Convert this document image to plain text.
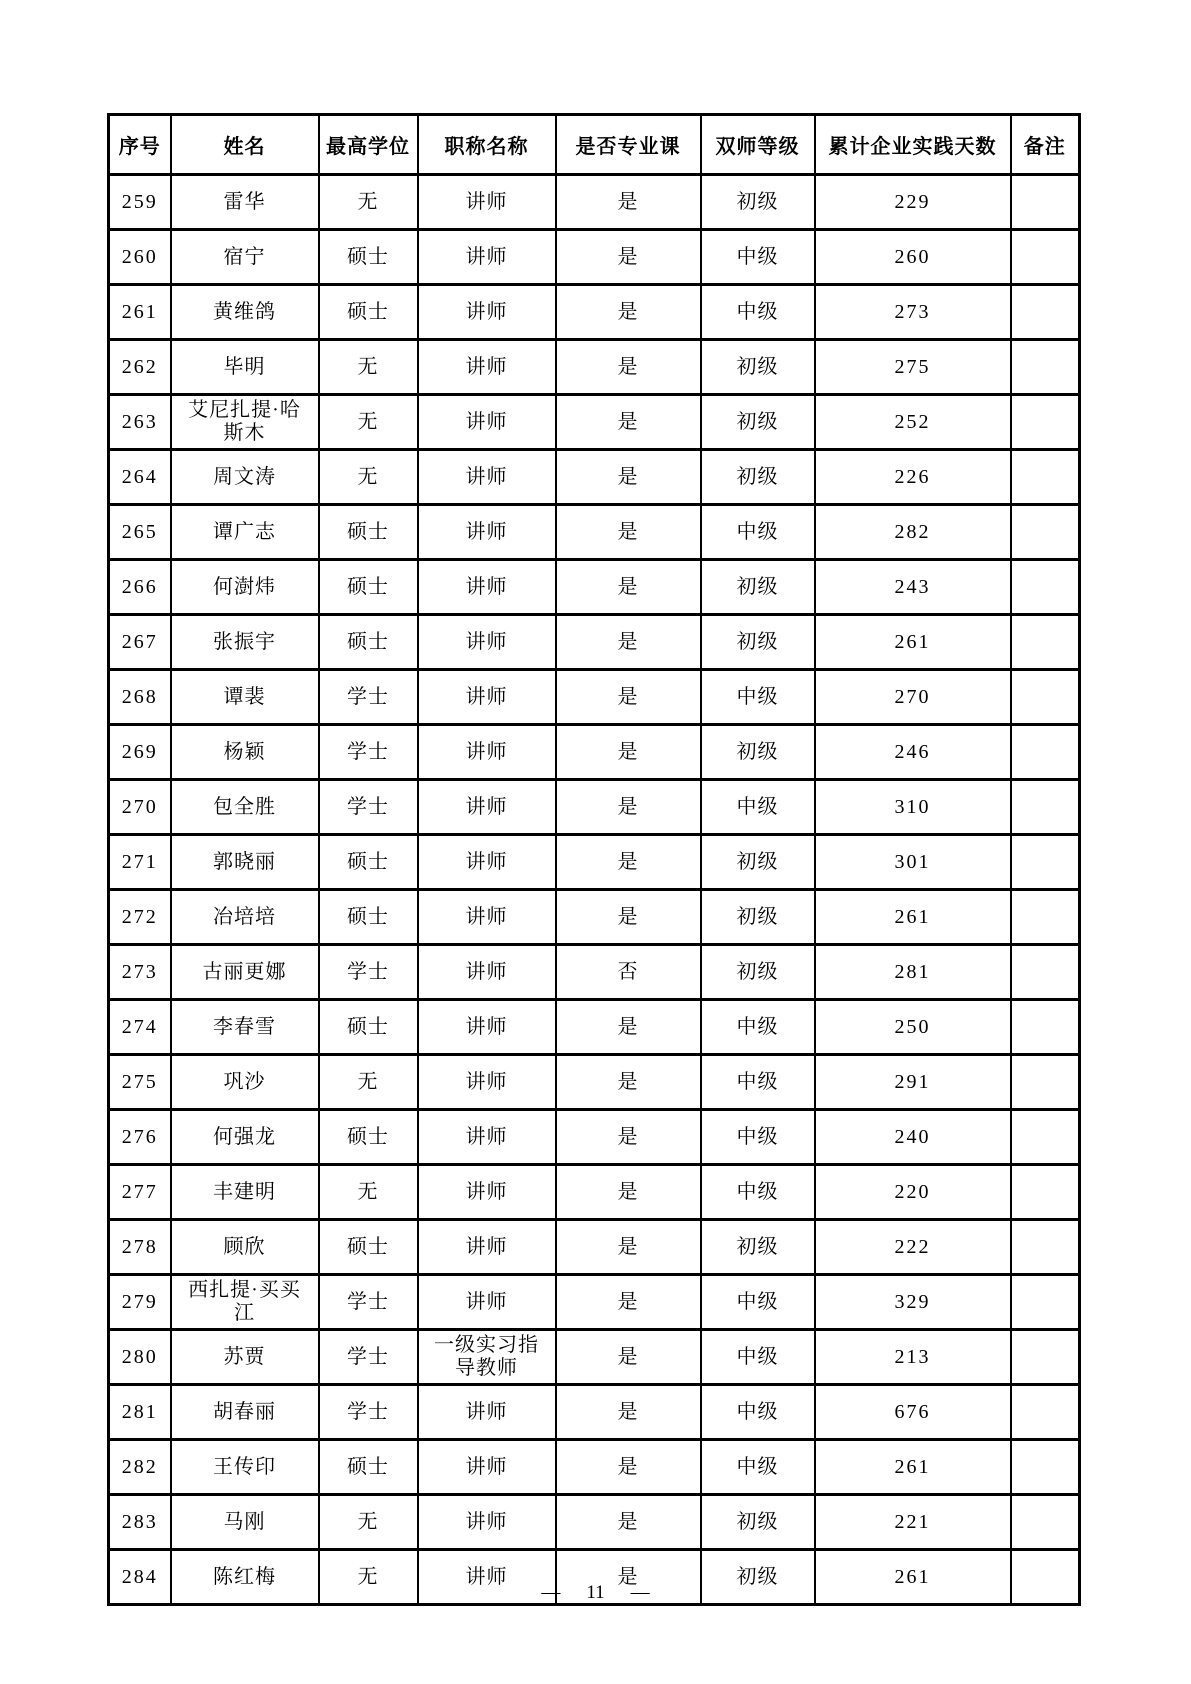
序号	姓名	最高学位	职称名称	是否专业课	双师等级	累计企业实践天数	备注
259	雷华	无	讲师	是	初级	229	
260	宿宁	硕士	讲师	是	中级	260	
261	黄维鸽	硕士	讲师	是	中级	273	
262	毕明	无	讲师	是	初级	275	
263	艾尼扎提·哈斯木	无	讲师	是	初级	252	
264	周文涛	无	讲师	是	初级	226	
265	谭广志	硕士	讲师	是	中级	282	
266	何澍炜	硕士	讲师	是	初级	243	
267	张振宇	硕士	讲师	是	初级	261	
268	谭裴	学士	讲师	是	中级	270	
269	杨颖	学士	讲师	是	初级	246	
270	包全胜	学士	讲师	是	中级	310	
271	郭晓丽	硕士	讲师	是	初级	301	
272	冶培培	硕士	讲师	是	初级	261	
273	古丽更娜	学士	讲师	否	初级	281	
274	李春雪	硕士	讲师	是	中级	250	
275	巩沙	无	讲师	是	中级	291	
276	何强龙	硕士	讲师	是	中级	240	
277	丰建明	无	讲师	是	中级	220	
278	顾欣	硕士	讲师	是	初级	222	
279	西扎提·买买江	学士	讲师	是	中级	329	
280	苏贾	学士	一级实习指导教师	是	中级	213	
281	胡春丽	学士	讲师	是	中级	676	
282	王传印	硕士	讲师	是	中级	261	
283	马刚	无	讲师	是	初级	221	
284	陈红梅	无	讲师	是	初级	261	
— 11 —
